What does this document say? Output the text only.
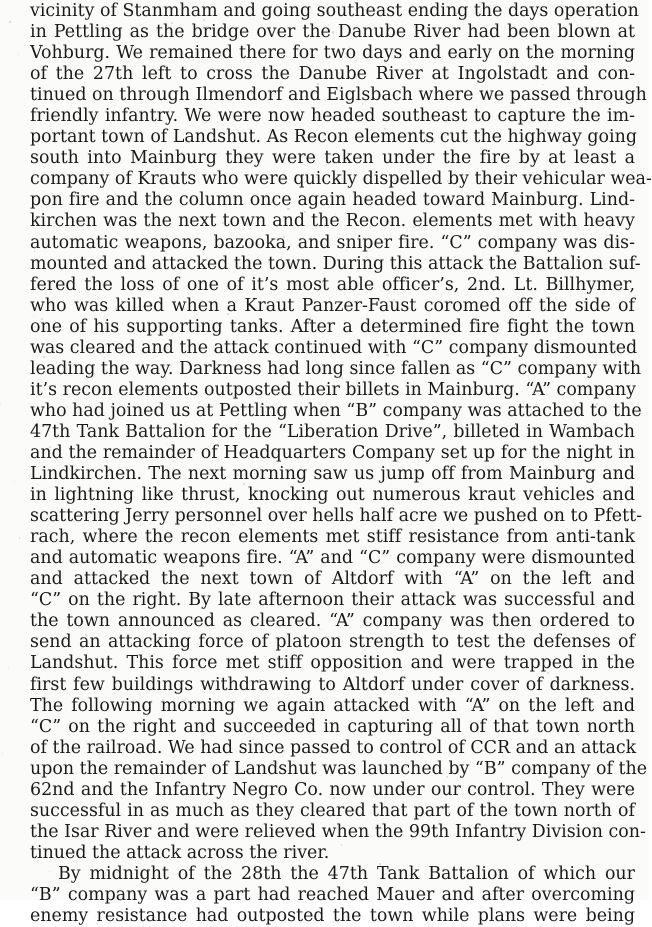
vicinity of Stanmham and going southeast ending the days operation
in Pettling as the bridge over the Danube River had been blown at
Vohburg. We remained there for two days and early on the morning
of the 27th left to cross the Danube River at Ingolstadt and con-
tinued on through Ilmendorf and Eiglsbach where we passed through
friendly infantry. We were now headed southeast to capture the im-
portant town of Landshut. As Recon elements cut the highway going
south into Mainburg they were taken under the fire by at least a
company of Krauts who were quickly dispelled by their vehicular wea-
pon fire and the column once again headed toward Mainburg. Lind-
kirchen was the next town and the Recon. elements met with heavy
automatic weapons, bazooka, and sniper fire. “C” company was dis-
mounted and attacked the town. During this attack the Battalion suf-
fered the loss of one of it’s most able officer’s, 2nd. Lt. Billhymer,
who was killed when a Kraut Panzer-Faust coromed off the side of
one of his supporting tanks. After a determined fire fight the town
was cleared and the attack continued with “C” company dismounted
leading the way. Darkness had long since fallen as “C” company with
it’s recon elements outposted their billets in Mainburg. “A” company
who had joined us at Pettling when “B” company was attached to the
47th Tank Battalion for the “Liberation Drive”, billeted in Wambach
and the remainder of Headquarters Company set up for the night in
Lindkirchen. The next morning saw us jump off from Mainburg and
in lightning like thrust, knocking out numerous kraut vehicles and
scattering Jerry personnel over hells half acre we pushed on to Pfett-
rach, where the recon elements met stiff resistance from anti-tank
and automatic weapons fire. “A” and “C” company were dismounted
and attacked the next town of Altdorf with “A” on the left and
“C” on the right. By late afternoon their attack was successful and
the town announced as cleared. “A” company was then ordered to
send an attacking force of platoon strength to test the defenses of
Landshut. This force met stiff opposition and were trapped in the
first few buildings withdrawing to Altdorf under cover of darkness.
The following morning we again attacked with “A” on the left and
“C” on the right and succeeded in capturing all of that town north
of the railroad. We had since passed to control of CCR and an attack
upon the remainder of Landshut was launched by “B” company of the
62nd and the Infantry Negro Co. now under our control. They were
successful in as much as they cleared that part of the town north of
the Isar River and were relieved when the 99th Infantry Division con-
tinued the attack across the river.
By midnight of the 28th the 47th Tank Battalion of which our
“B” company was a part had reached Mauer and after overcoming
enemy resistance had outposted the town while plans were being
